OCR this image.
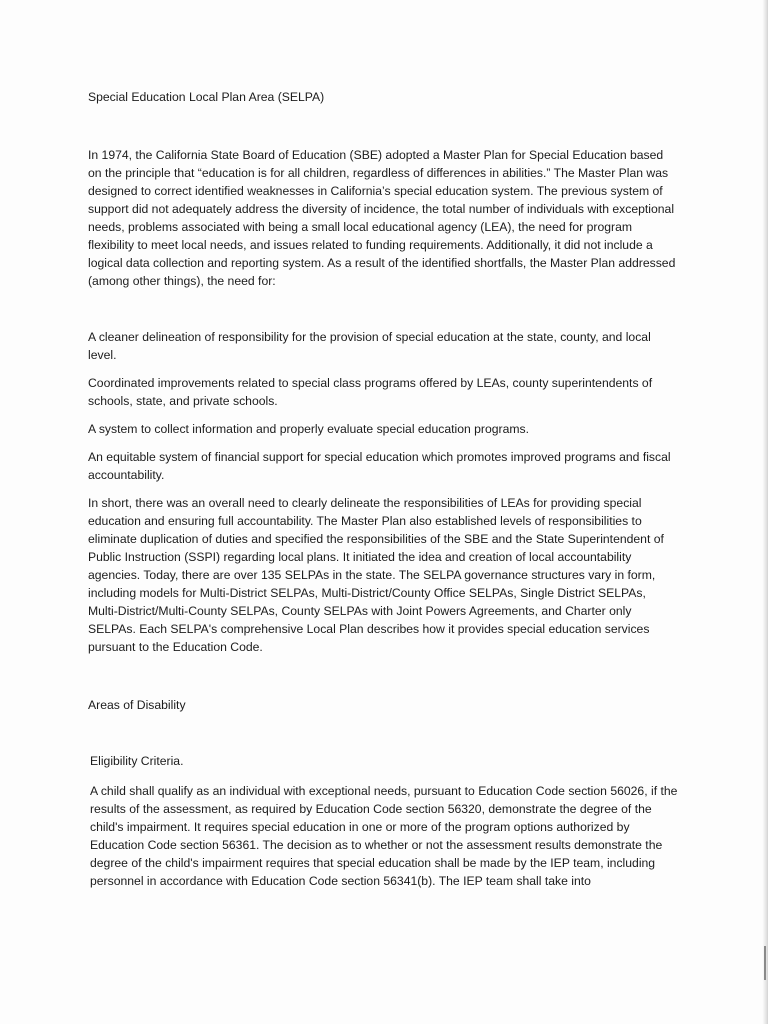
Special Education Local Plan Area (SELPA)

In 1974, the California State Board of Education (SBE) adopted a Master Plan for Special Education based on the principle that “education is for all children, regardless of differences in abilities.” The Master Plan was designed to correct identified weaknesses in California’s special education system. The previous system of support did not adequately address the diversity of incidence, the total number of individuals with exceptional needs, problems associated with being a small local educational agency (LEA), the need for program flexibility to meet local needs, and issues related to funding requirements. Additionally, it did not include a logical data collection and reporting system. As a result of the identified shortfalls, the Master Plan addressed (among other things), the need for:

A cleaner delineation of responsibility for the provision of special education at the state, county, and local level.

Coordinated improvements related to special class programs offered by LEAs, county superintendents of schools, state, and private schools.

A system to collect information and properly evaluate special education programs.

An equitable system of financial support for special education which promotes improved programs and fiscal accountability.

In short, there was an overall need to clearly delineate the responsibilities of LEAs for providing special education and ensuring full accountability. The Master Plan also established levels of responsibilities to eliminate duplication of duties and specified the responsibilities of the SBE and the State Superintendent of Public Instruction (SSPI) regarding local plans. It initiated the idea and creation of local accountability agencies. Today, there are over 135 SELPAs in the state. The SELPA governance structures vary in form, including models for Multi-District SELPAs, Multi-District/County Office SELPAs, Single District SELPAs, Multi-District/Multi-County SELPAs, County SELPAs with Joint Powers Agreements, and Charter only SELPAs. Each SELPA's comprehensive Local Plan describes how it provides special education services pursuant to the Education Code.

Areas of Disability

Eligibility Criteria.

A child shall qualify as an individual with exceptional needs, pursuant to Education Code section 56026, if the results of the assessment, as required by Education Code section 56320, demonstrate the degree of the child's impairment. It requires special education in one or more of the program options authorized by Education Code section 56361. The decision as to whether or not the assessment results demonstrate the degree of the child's impairment requires that special education shall be made by the IEP team, including personnel in accordance with Education Code section 56341(b). The IEP team shall take into
